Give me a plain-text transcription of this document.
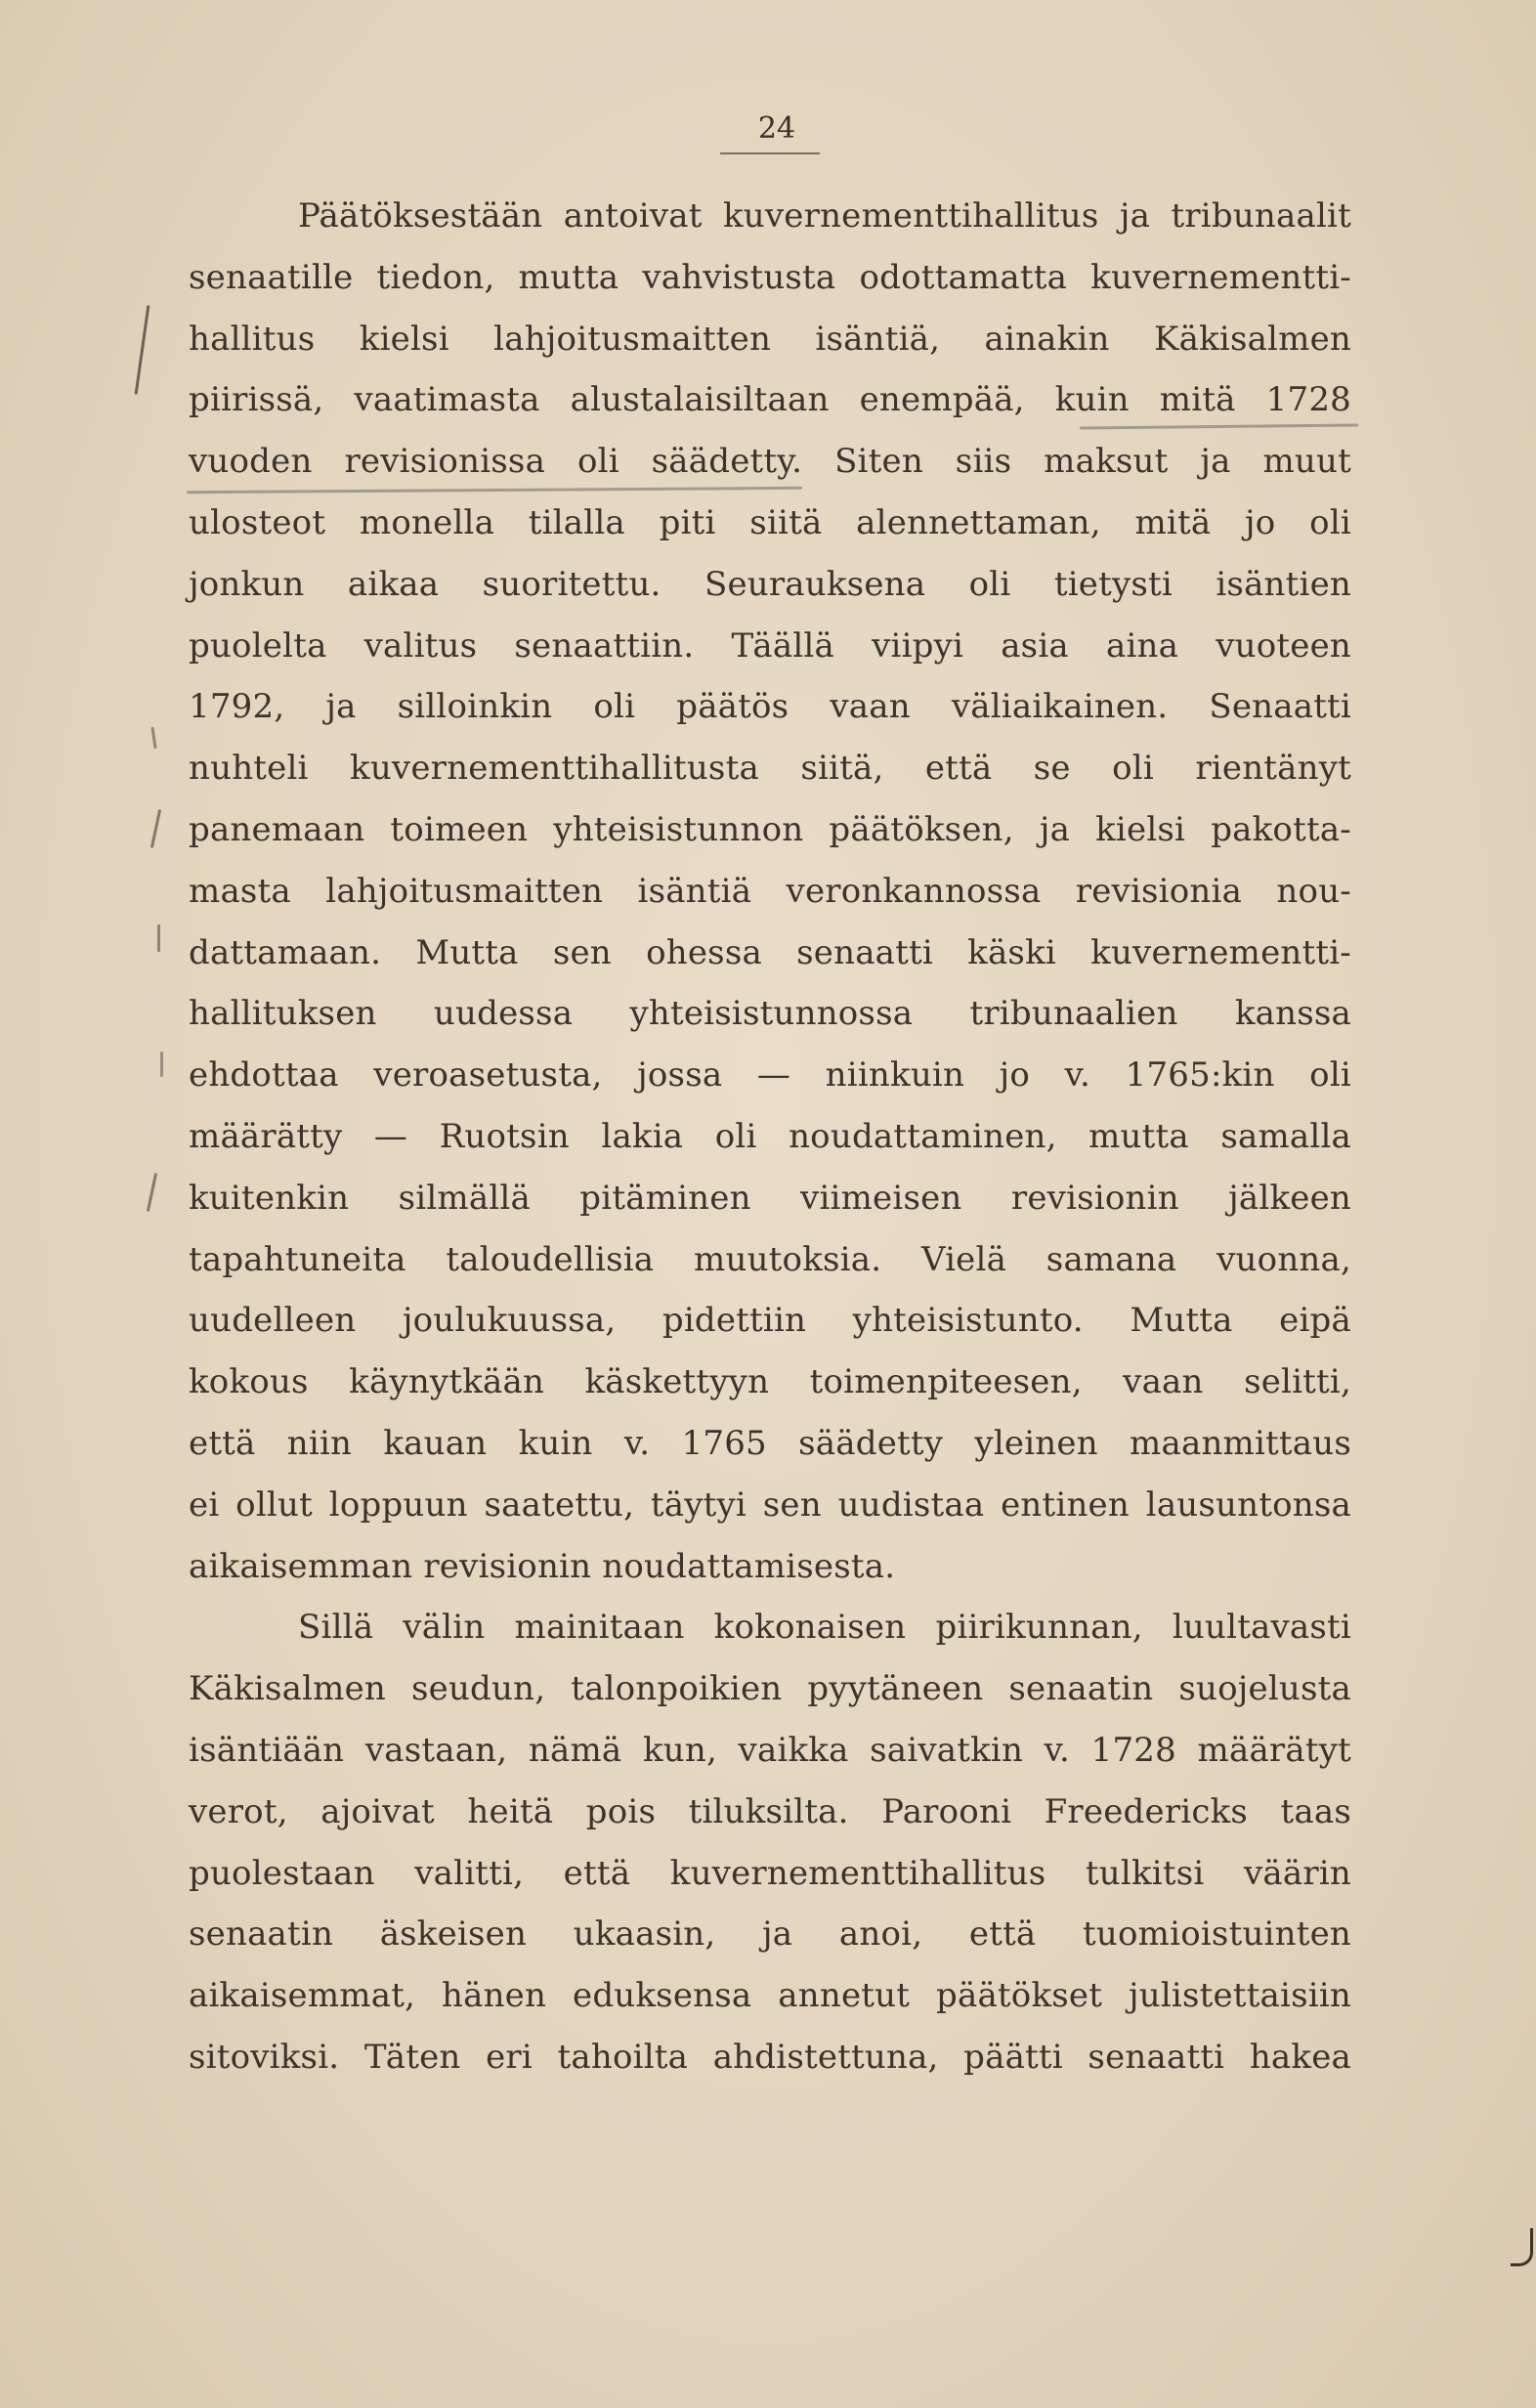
24
Päätöksestään antoivat kuvernementtihallitus ja tribunaalit
senaatille tiedon, mutta vahvistusta odottamatta kuvernementti-
hallitus kielsi lahjoitusmaitten isäntiä, ainakin Käkisalmen
piirissä, vaatimasta alustalaisiltaan enempää, kuin mitä 1728
vuoden revisionissa oli säädetty. Siten siis maksut ja muut
ulosteot monella tilalla piti siitä alennettaman, mitä jo oli
jonkun aikaa suoritettu. Seurauksena oli tietysti isäntien
puolelta valitus senaattiin. Täällä viipyi asia aina vuoteen
1792, ja silloinkin oli päätös vaan väliaikainen. Senaatti
nuhteli kuvernementtihallitusta siitä, että se oli rientänyt
panemaan toimeen yhteisistunnon päätöksen, ja kielsi pakotta-
masta lahjoitusmaitten isäntiä veronkannossa revisionia nou-
dattamaan. Mutta sen ohessa senaatti käski kuvernementti-
hallituksen uudessa yhteisistunnossa tribunaalien kanssa
ehdottaa veroasetusta, jossa — niinkuin jo v. 1765:kin oli
määrätty — Ruotsin lakia oli noudattaminen, mutta samalla
kuitenkin silmällä pitäminen viimeisen revisionin jälkeen
tapahtuneita taloudellisia muutoksia. Vielä samana vuonna,
uudelleen joulukuussa, pidettiin yhteisistunto. Mutta eipä
kokous käynytkään käskettyyn toimenpiteesen, vaan selitti,
että niin kauan kuin v. 1765 säädetty yleinen maanmittaus
ei ollut loppuun saatettu, täytyi sen uudistaa entinen lausuntonsa
aikaisemman revisionin noudattamisesta.
Sillä välin mainitaan kokonaisen piirikunnan, luultavasti
Käkisalmen seudun, talonpoikien pyytäneen senaatin suojelusta
isäntiään vastaan, nämä kun, vaikka saivatkin v. 1728 määrätyt
verot, ajoivat heitä pois tiluksilta. Parooni Freedericks taas
puolestaan valitti, että kuvernementtihallitus tulkitsi väärin
senaatin äskeisen ukaasin, ja anoi, että tuomioistuinten
aikaisemmat, hänen eduksensa annetut päätökset julistettaisiin
sitoviksi. Täten eri tahoilta ahdistettuna, päätti senaatti hakea
